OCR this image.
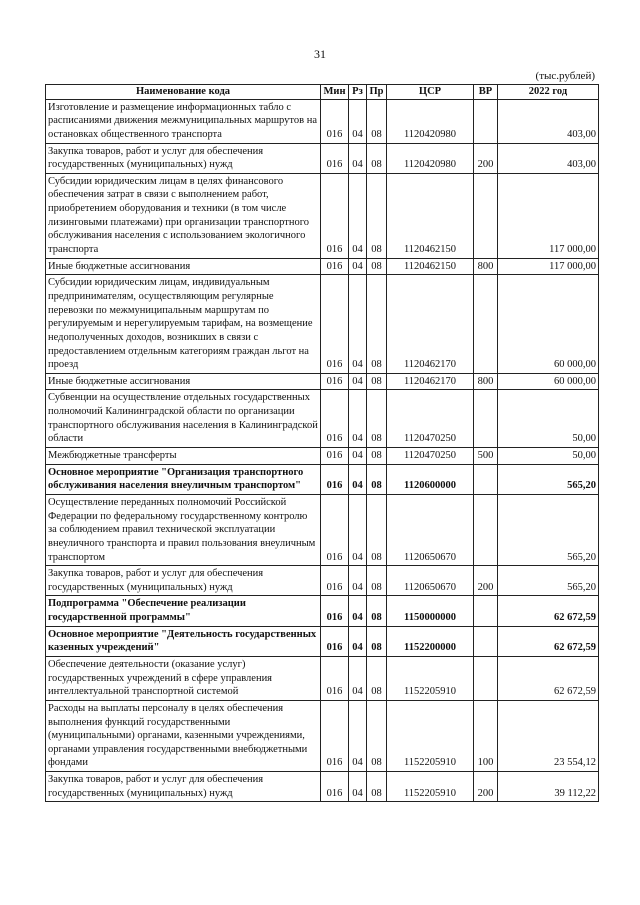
31
(тыс.рублей)
Наименование кода	Мин	Рз	Пр	ЦСР	ВР	2022 год
Изготовление и размещение информационных табло с расписаниями движения межмуниципальных маршрутов на остановках общественного транспорта	016	04	08	1120420980		403,00
Закупка товаров, работ и услуг для обеспечения государственных (муниципальных) нужд	016	04	08	1120420980	200	403,00
Субсидии юридическим лицам в целях финансового обеспечения затрат в связи с выполнением работ, приобретением оборудования и техники (в том числе лизинговыми платежами) при организации транспортного обслуживания населения с использованием экологичного транспорта	016	04	08	1120462150		117 000,00
Иные бюджетные ассигнования	016	04	08	1120462150	800	117 000,00
Субсидии юридическим лицам, индивидуальным предпринимателям, осуществляющим регулярные перевозки по межмуниципальным маршрутам по регулируемым и нерегулируемым тарифам, на возмещение недополученных доходов, возникших в связи с предоставлением отдельным категориям граждан льгот на проезд	016	04	08	1120462170		60 000,00
Иные бюджетные ассигнования	016	04	08	1120462170	800	60 000,00
Субвенции на осуществление отдельных государственных полномочий Калининградской области по организации транспортного обслуживания населения в Калининградской области	016	04	08	1120470250		50,00
Межбюджетные трансферты	016	04	08	1120470250	500	50,00
Основное мероприятие "Организация транспортного обслуживания населения внеуличным транспортом"	016	04	08	1120600000		565,20
Осуществление переданных полномочий Российской Федерации по федеральному государственному контролю за соблюдением правил технической эксплуатации внеуличного транспорта и правил пользования внеуличным транспортом	016	04	08	1120650670		565,20
Закупка товаров, работ и услуг для обеспечения государственных (муниципальных) нужд	016	04	08	1120650670	200	565,20
Подпрограмма "Обеспечение реализации государственной программы"	016	04	08	1150000000		62 672,59
Основное мероприятие "Деятельность государственных казенных учреждений"	016	04	08	1152200000		62 672,59
Обеспечение деятельности (оказание услуг) государственных учреждений в сфере управления интеллектуальной транспортной системой	016	04	08	1152205910		62 672,59
Расходы на выплаты персоналу в целях обеспечения выполнения функций государственными (муниципальными) органами, казенными учреждениями, органами управления государственными внебюджетными фондами	016	04	08	1152205910	100	23 554,12
Закупка товаров, работ и услуг для обеспечения государственных (муниципальных) нужд	016	04	08	1152205910	200	39 112,22
